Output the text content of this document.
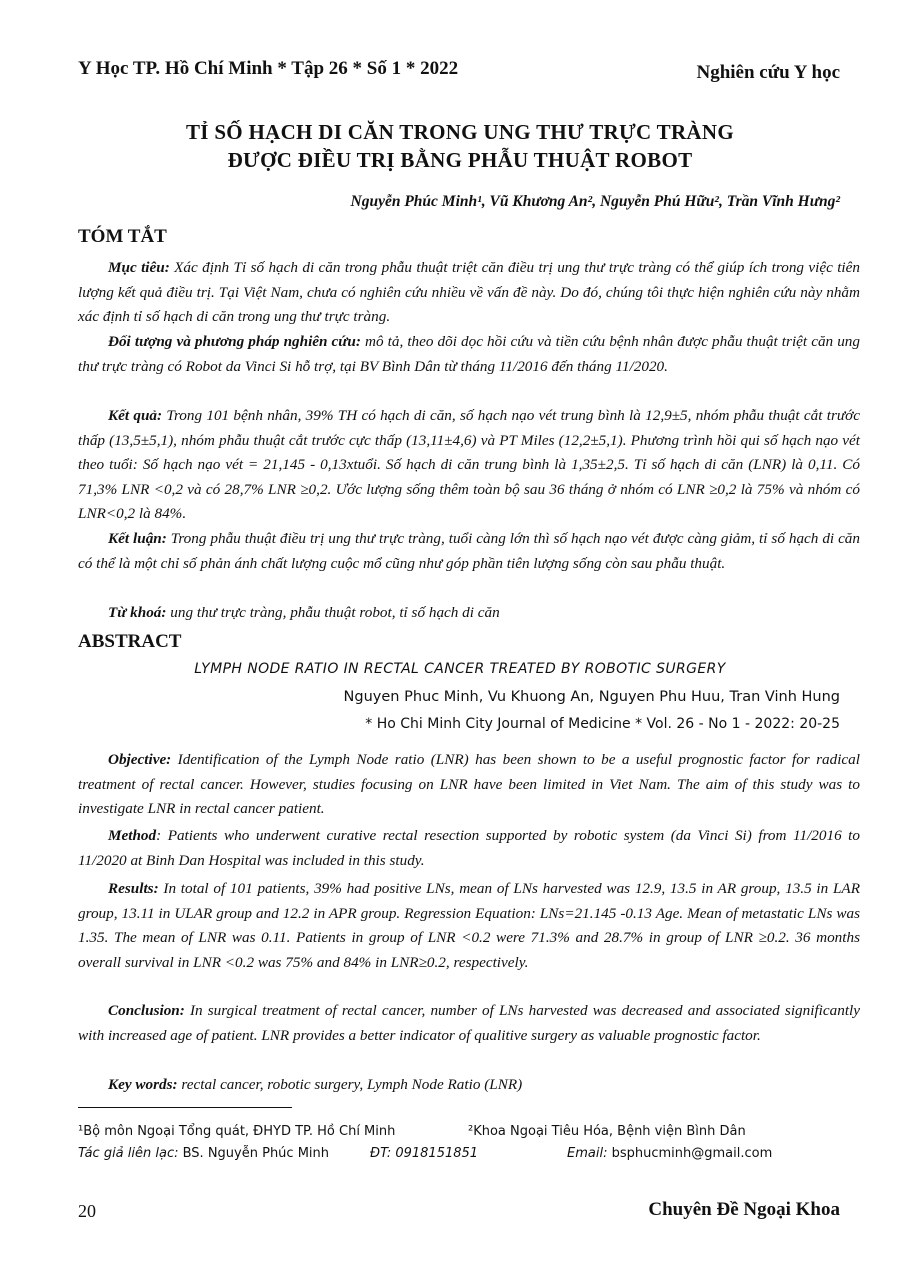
Y Học TP. Hồ Chí Minh * Tập 26 * Số 1 * 2022	Nghiên cứu Y học
TỈ SỐ HẠCH DI CĂN TRONG UNG THƯ TRỰC TRÀNG
ĐƯỢC ĐIỀU TRỊ BẰNG PHẪU THUẬT ROBOT
Nguyễn Phúc Minh¹, Vũ Khương An², Nguyễn Phú Hữu², Trần Vĩnh Hưng²
TÓM TẮT

Mục tiêu: Xác định Tỉ số hạch di căn trong phẫu thuật triệt căn điều trị ung thư trực tràng có thể giúp ích trong việc tiên lượng kết quả điều trị. Tại Việt Nam, chưa có nghiên cứu nhiều về vấn đề này. Do đó, chúng tôi thực hiện nghiên cứu này nhằm xác định tỉ số hạch di căn trong ung thư trực tràng.

Đối tượng và phương pháp nghiên cứu: mô tả, theo dõi dọc hồi cứu và tiền cứu bệnh nhân được phẫu thuật triệt căn ung thư trực tràng có Robot da Vinci Si hỗ trợ, tại BV Bình Dân từ tháng 11/2016 đến tháng 11/2020.

Kết quả: Trong 101 bệnh nhân, 39% TH có hạch di căn, số hạch nạo vét trung bình là 12,9±5, nhóm phẫu thuật cắt trước thấp (13,5±5,1), nhóm phẫu thuật cắt trước cực thấp (13,11±4,6) và PT Miles (12,2±5,1). Phương trình hồi qui số hạch nạo vét theo tuổi: Số hạch nạo vét = 21,145 - 0,13xtuổi. Số hạch di căn trung bình là 1,35±2,5. Tỉ số hạch di căn (LNR) là 0,11. Có 71,3% LNR <0,2 và có 28,7% LNR ≥0,2. Ước lượng sống thêm toàn bộ sau 36 tháng ở nhóm có LNR ≥0,2 là 75% và nhóm có LNR<0,2 là 84%.

Kết luận: Trong phẫu thuật điều trị ung thư trực tràng, tuổi càng lớn thì số hạch nạo vét được càng giảm, tỉ số hạch di căn có thể là một chỉ số phản ánh chất lượng cuộc mổ cũng như góp phần tiên lượng sống còn sau phẫu thuật.

Từ khoá: ung thư trực tràng, phẫu thuật robot, tỉ số hạch di căn

ABSTRACT
LYMPH NODE RATIO IN RECTAL CANCER TREATED BY ROBOTIC SURGERY
Nguyen Phuc Minh, Vu Khuong An, Nguyen Phu Huu, Tran Vinh Hung
* Ho Chi Minh City Journal of Medicine * Vol. 26 - No 1 - 2022: 20-25

Objective: Identification of the Lymph Node ratio (LNR) has been shown to be a useful prognostic factor for radical treatment of rectal cancer. However, studies focusing on LNR have been limited in Viet Nam. The aim of this study was to investigate LNR in rectal cancer patient.

Method: Patients who underwent curative rectal resection supported by robotic system (da Vinci Si) from 11/2016 to 11/2020 at Binh Dan Hospital was included in this study.

Results: In total of 101 patients, 39% had positive LNs, mean of LNs harvested was 12.9, 13.5 in AR group, 13.5 in LAR group, 13.11 in ULAR group and 12.2 in APR group. Regression Equation: LNs=21.145 -0.13 Age. Mean of metastatic LNs was 1.35. The mean of LNR was 0.11. Patients in group of LNR <0.2 were 71.3% and 28.7% in group of LNR ≥0.2. 36 months overall survival in LNR <0.2 was 75% and 84% in LNR≥0.2, respectively.

Conclusion: In surgical treatment of rectal cancer, number of LNs harvested was decreased and associated significantly with increased age of patient. LNR provides a better indicator of qualitive surgery as valuable prognostic factor.

Key words: rectal cancer, robotic surgery, Lymph Node Ratio (LNR)

¹Bộ môn Ngoại Tổng quát, ĐHYD TP. Hồ Chí Minh	²Khoa Ngoại Tiêu Hóa, Bệnh viện Bình Dân
Tác giả liên lạc: BS. Nguyễn Phúc Minh	ĐT: 0918151851	Email: bsphucminh@gmail.com
20	Chuyên Đề Ngoại Khoa
